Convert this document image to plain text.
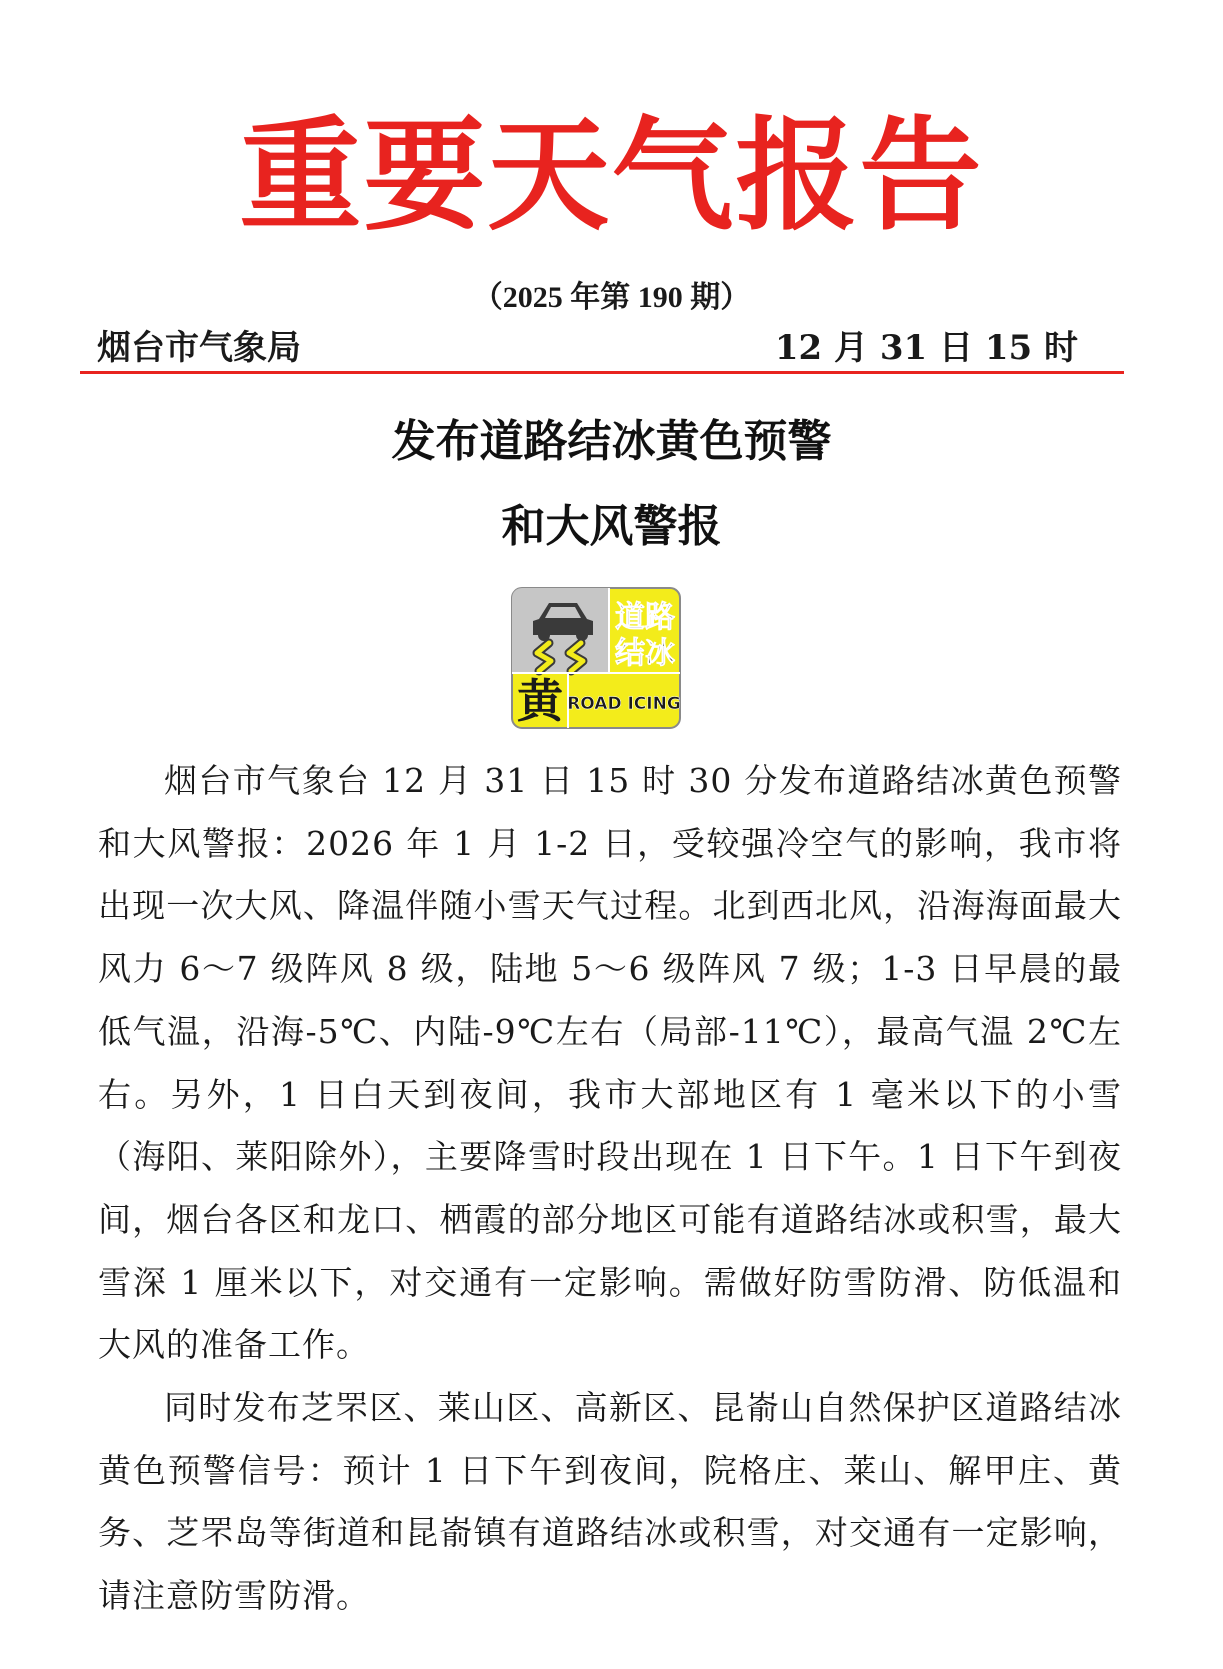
重要天气报告
（2025 年第 190 期）
烟台市气象局	12 月 31 日 15 时
发布道路结冰黄色预警
和大风警报
道路
结冰
黄 ROAD ICING

烟台市气象台 12 月 31 日 15 时 30 分发布道路结冰黄色预警和大风警报：2026 年 1 月 1-2 日，受较强冷空气的影响，我市将出现一次大风、降温伴随小雪天气过程。北到西北风，沿海海面最大风力 6～7 级阵风 8 级，陆地 5～6 级阵风 7 级；1-3 日早晨的最低气温，沿海-5℃、内陆-9℃左右（局部-11℃），最高气温 2℃左右。另外，1 日白天到夜间，我市大部地区有 1 毫米以下的小雪（海阳、莱阳除外），主要降雪时段出现在 1 日下午。1 日下午到夜间，烟台各区和龙口、栖霞的部分地区可能有道路结冰或积雪，最大雪深 1 厘米以下，对交通有一定影响。需做好防雪防滑、防低温和大风的准备工作。

同时发布芝罘区、莱山区、高新区、昆嵛山自然保护区道路结冰黄色预警信号：预计 1 日下午到夜间，院格庄、莱山、解甲庄、黄务、芝罘岛等街道和昆嵛镇有道路结冰或积雪，对交通有一定影响，请注意防雪防滑。
